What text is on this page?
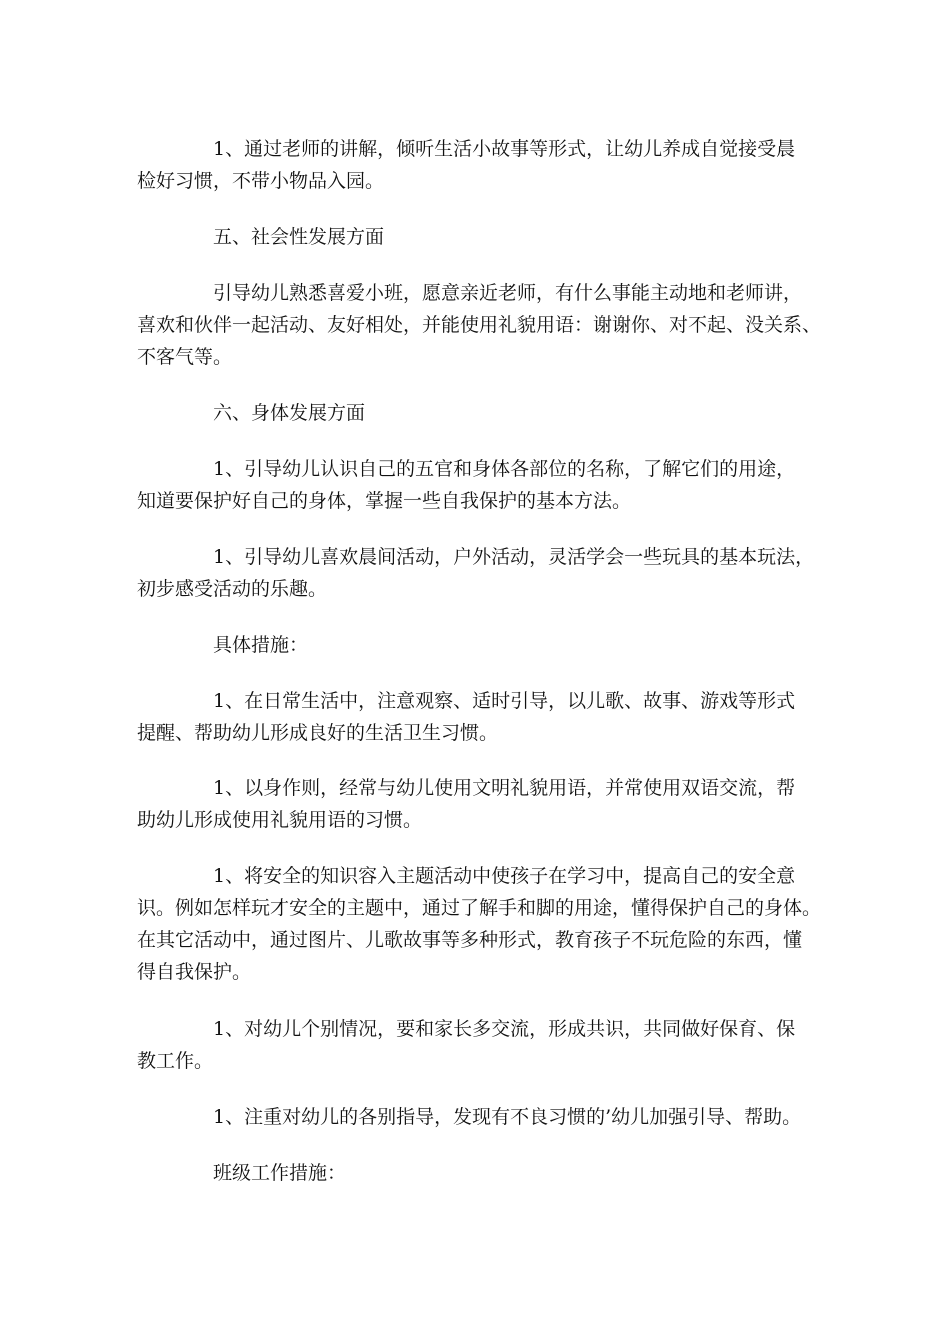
1、通过老师的讲解，倾听生活小故事等形式，让幼儿养成自觉接受晨
检好习惯，不带小物品入园。

五、社会性发展方面

引导幼儿熟悉喜爱小班，愿意亲近老师，有什么事能主动地和老师讲，
喜欢和伙伴一起活动、友好相处，并能使用礼貌用语：谢谢你、对不起、没关系、
不客气等。

六、身体发展方面

1、引导幼儿认识自己的五官和身体各部位的名称，了解它们的用途，
知道要保护好自己的身体，掌握一些自我保护的基本方法。

1、引导幼儿喜欢晨间活动，户外活动，灵活学会一些玩具的基本玩法，
初步感受活动的乐趣。

具体措施：

1、在日常生活中，注意观察、适时引导，以儿歌、故事、游戏等形式
提醒、帮助幼儿形成良好的生活卫生习惯。

1、以身作则，经常与幼儿使用文明礼貌用语，并常使用双语交流，帮
助幼儿形成使用礼貌用语的习惯。

1、将安全的知识容入主题活动中使孩子在学习中，提高自己的安全意
识。例如怎样玩才安全的主题中，通过了解手和脚的用途，懂得保护自己的身体。
在其它活动中，通过图片、儿歌故事等多种形式，教育孩子不玩危险的东西，懂
得自我保护。

1、对幼儿个别情况，要和家长多交流，形成共识，共同做好保育、保
教工作。

1、注重对幼儿的各别指导，发现有不良习惯的’幼儿加强引导、帮助。

班级工作措施：
